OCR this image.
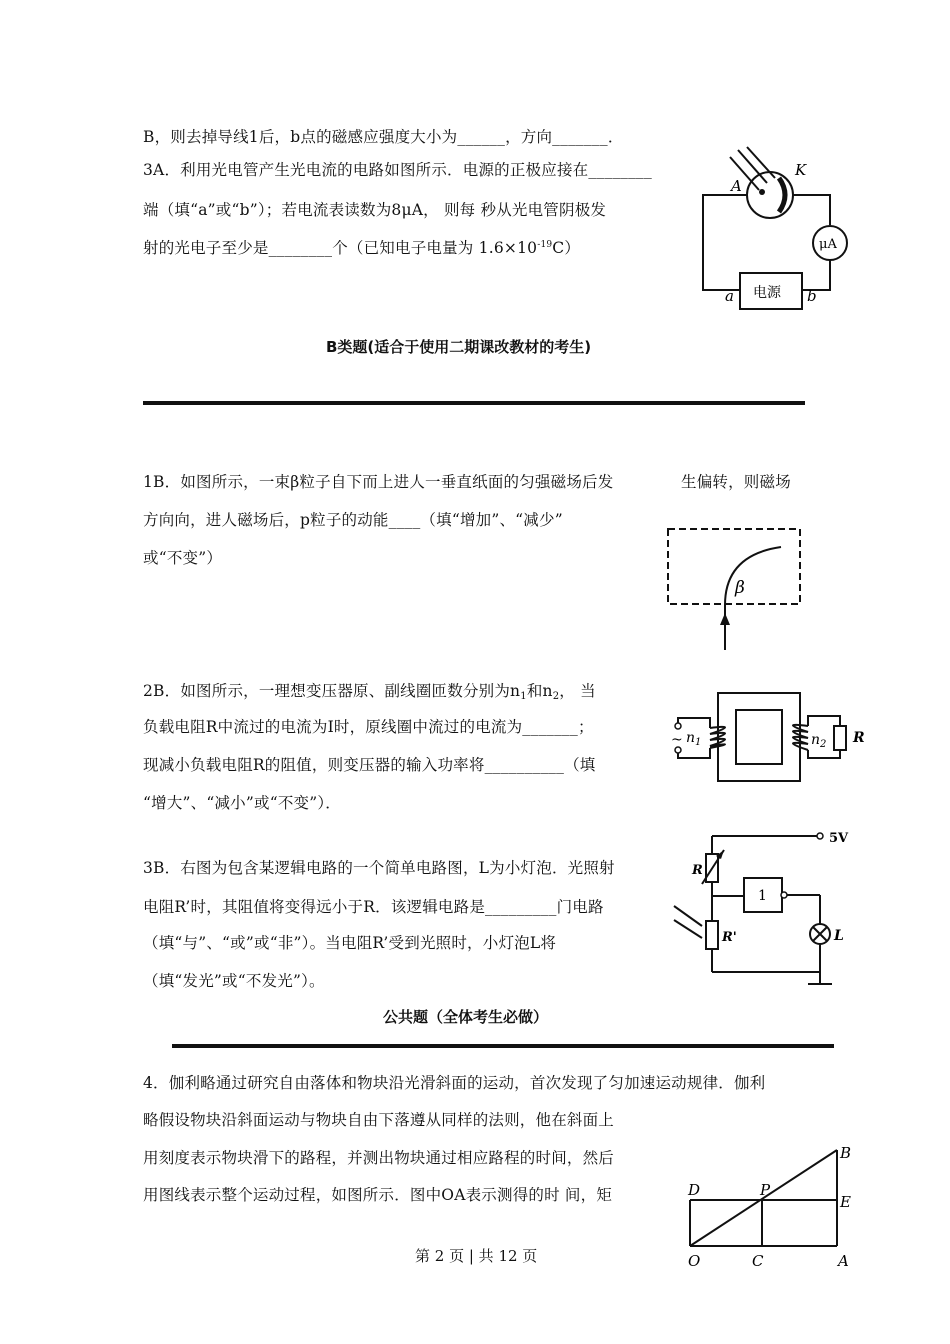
B，则去掉导线1后，b点的磁感应强度大小为______，方向_______．
3A．利用光电管产生光电流的电路如图所示．电源的正极应接在________
端（填“a”或“b”）；若电流表读数为8μA， 则每 秒从光电管阴极发
射的光电子至少是________个（已知电子电量为 $1.6\times 10^{-19}C$）
A
K
μA
电源
a	b
B类题(适合于使用二期课改教材的考生)
1B．如图所示，一束β粒子自下而上进人一垂直纸面的匀强磁场后发	生偏转，则磁场
方向向，进人磁场后，p粒子的动能____（填“增加”、“减少”
或“不变”）
β
2B．如图所示，一理想变压器原、副线圈匝数分别为$n_1$和$n_2$， 当
负载电阻R中流过的电流为I时，原线圈中流过的电流为_______；
现减小负载电阻R的阻值，则变压器的输入功率将__________（填
“增大”、“减小”或“不变”）．
~ $n_1$	$n_2$ R
3B．右图为包含某逻辑电路的一个简单电路图，L为小灯泡．光照射
电阻R’时，其阻值将变得远小于R．该逻辑电路是_________门电路
（填“与”、“或”或“非”）。当电阻R’受到光照时，小灯泡L将
（填“发光”或“不发光”）。
5V
R
R'
1
L
公共题（全体考生必做）
4．伽利略通过研究自由落体和物块沿光滑斜面的运动，首次发现了匀加速运动规律．伽利
略假设物块沿斜面运动与物块自由下落遵从同样的法则，他在斜面上
用刻度表示物块滑下的路程，并测出物块通过相应路程的时间，然后
用图线表示整个运动过程，如图所示．图中OA表示测得的时 间，矩
B
D	P
E
O	C	A
第 2 页 | 共 12 页
